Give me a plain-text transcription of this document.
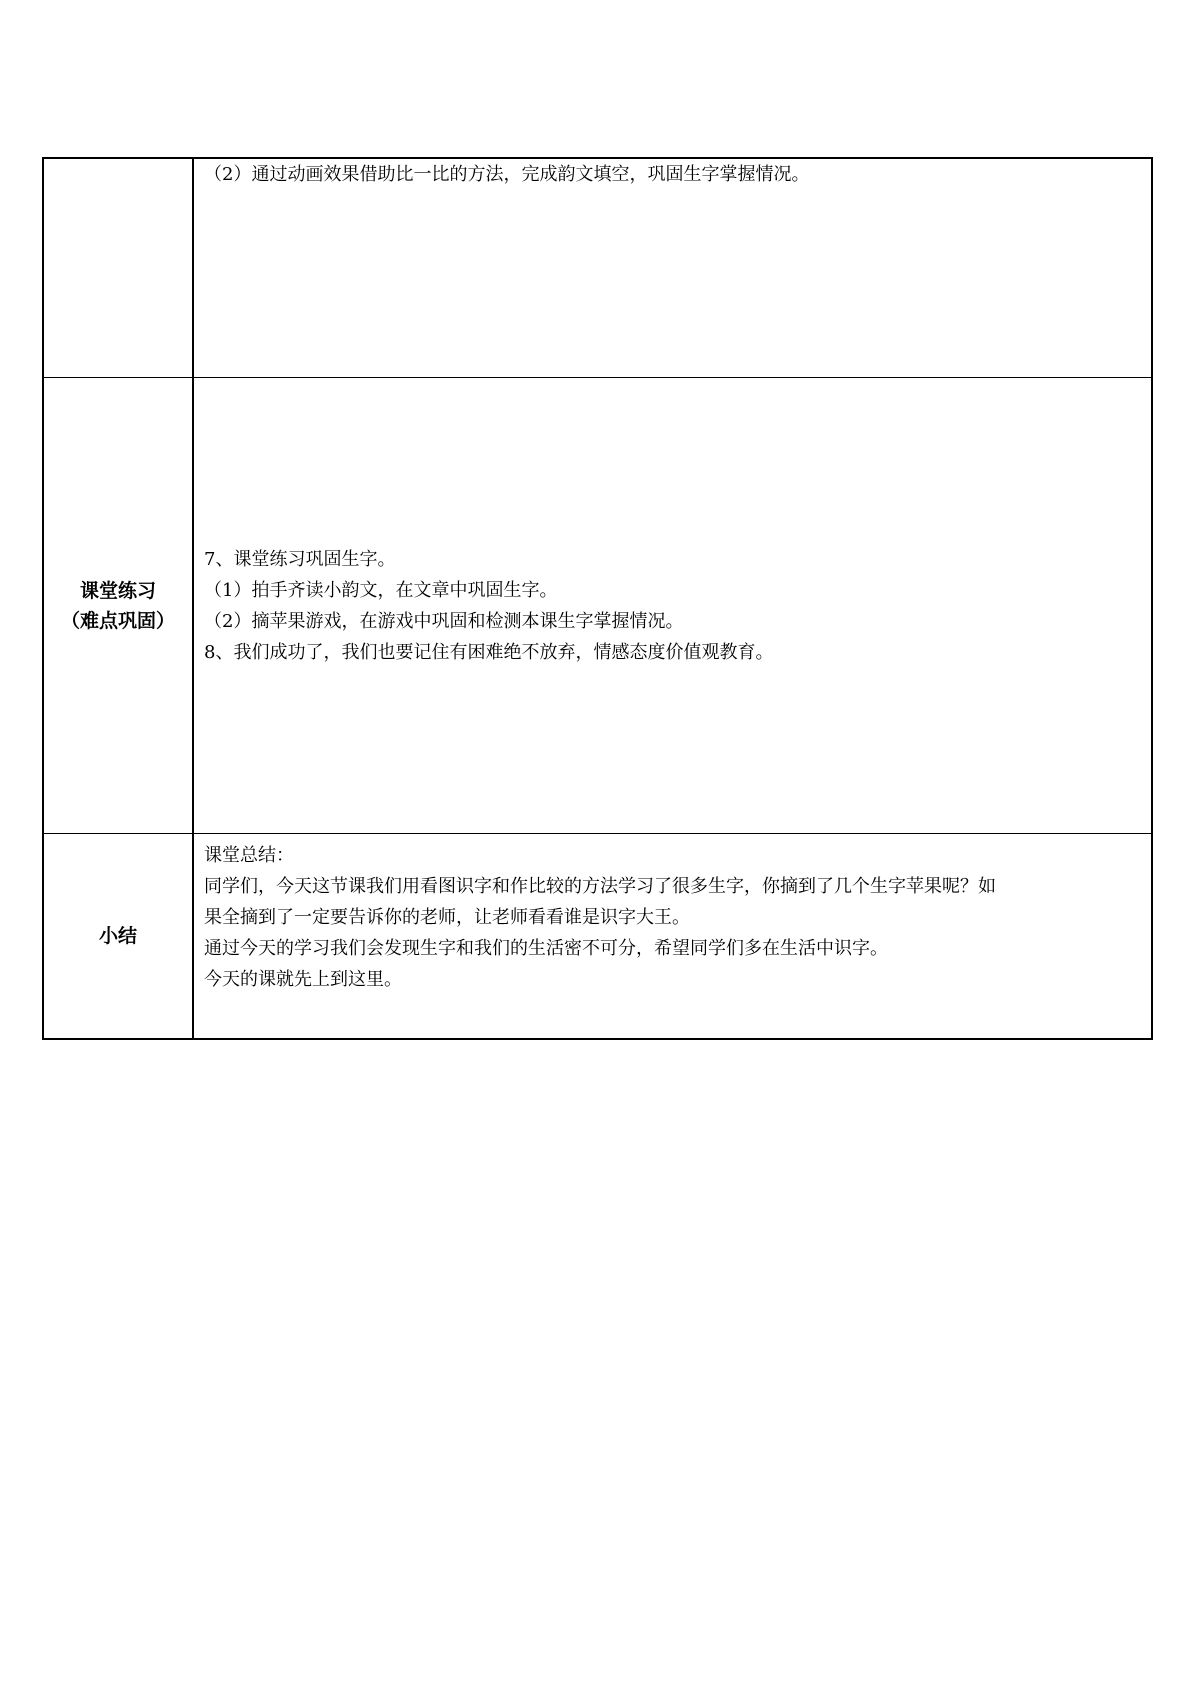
	（2）通过动画效果借助比一比的方法，完成韵文填空，巩固生字掌握情况。

课堂练习
（难点巩固）	7、课堂练习巩固生字。
（1）拍手齐读小韵文，在文章中巩固生字。
（2）摘苹果游戏，在游戏中巩固和检测本课生字掌握情况。
8、我们成功了，我们也要记住有困难绝不放弃，情感态度价值观教育。

小结	课堂总结：
同学们，今天这节课我们用看图识字和作比较的方法学习了很多生字，你摘到了几个生字苹果呢？如
果全摘到了一定要告诉你的老师，让老师看看谁是识字大王。
通过今天的学习我们会发现生字和我们的生活密不可分，希望同学们多在生活中识字。
今天的课就先上到这里。
